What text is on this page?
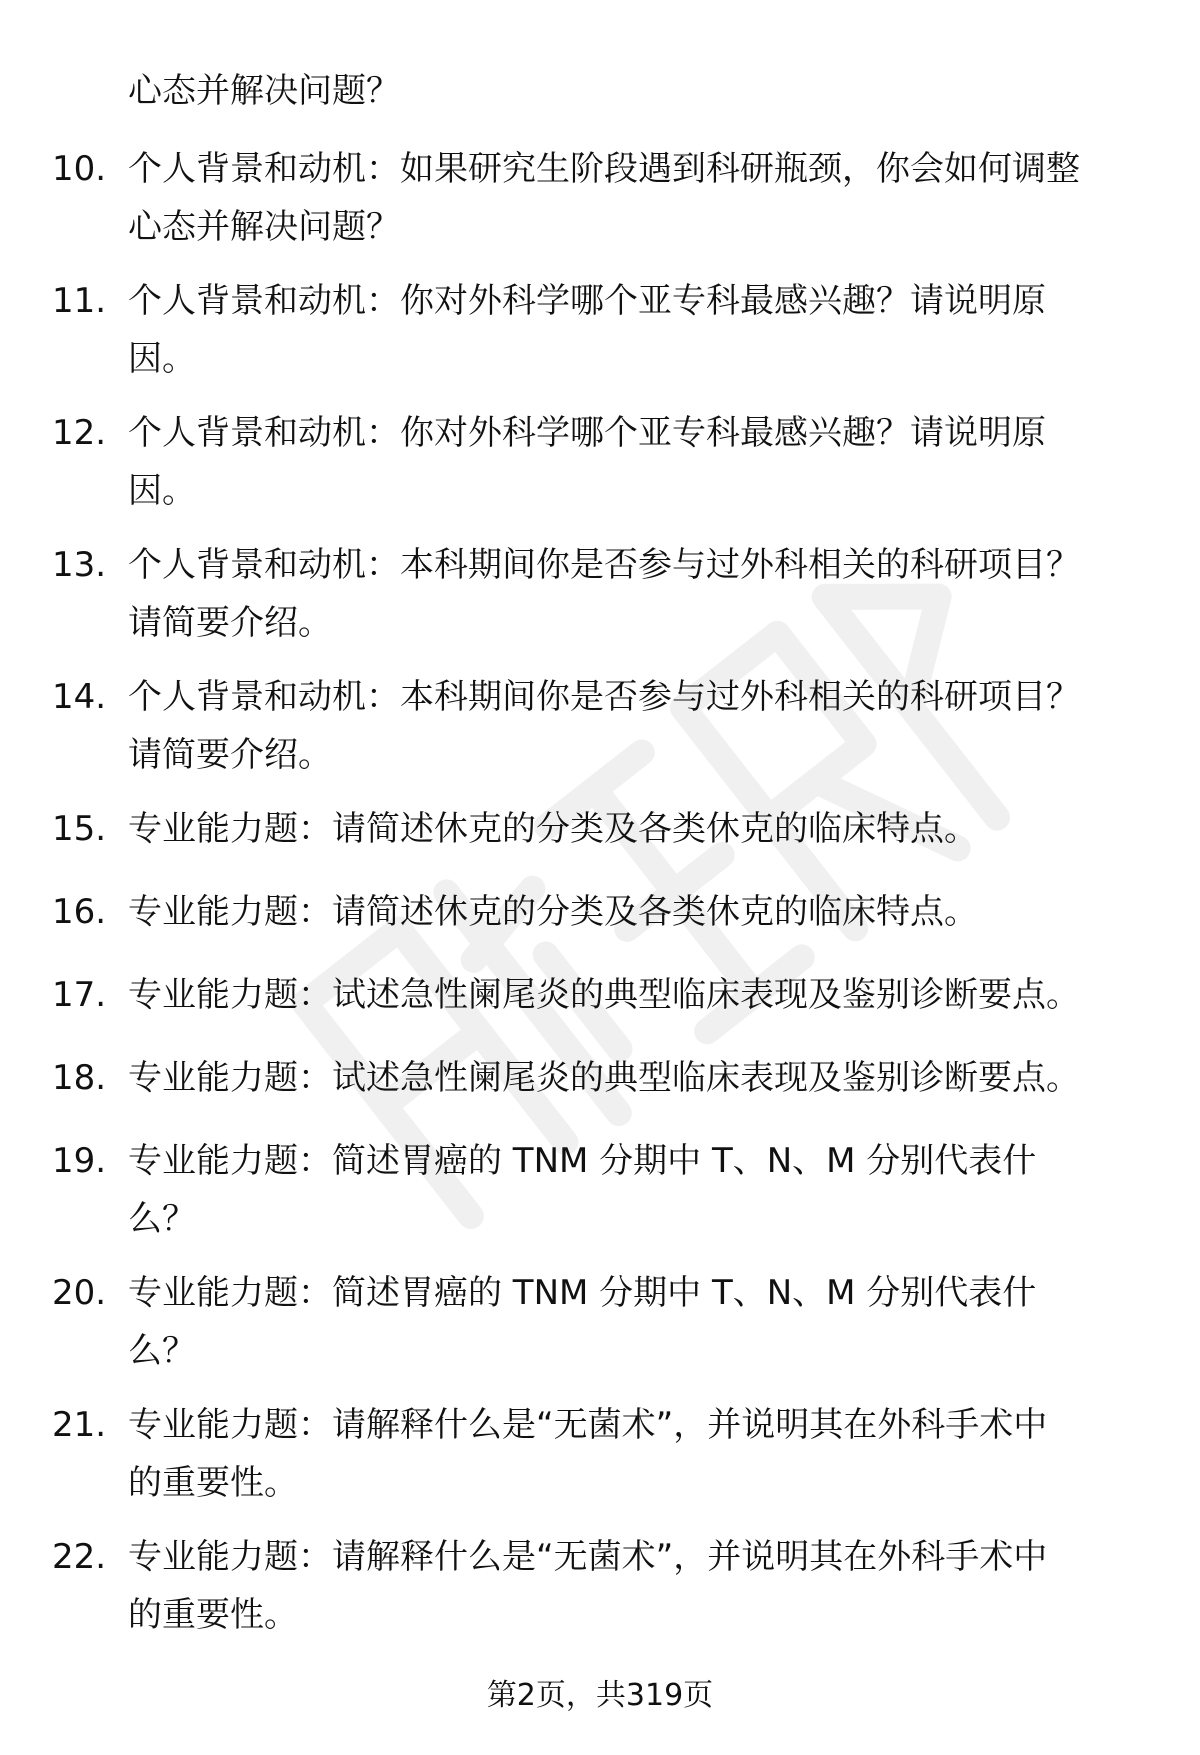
心态并解决问题？
10. 个人背景和动机：如果研究生阶段遇到科研瓶颈，你会如何调整
心态并解决问题？
11. 个人背景和动机：你对外科学哪个亚专科最感兴趣？请说明原
因。
12. 个人背景和动机：你对外科学哪个亚专科最感兴趣？请说明原
因。
13. 个人背景和动机：本科期间你是否参与过外科相关的科研项目？
请简要介绍。
14. 个人背景和动机：本科期间你是否参与过外科相关的科研项目？
请简要介绍。
15. 专业能力题：请简述休克的分类及各类休克的临床特点。
16. 专业能力题：请简述休克的分类及各类休克的临床特点。
17. 专业能力题：试述急性阑尾炎的典型临床表现及鉴别诊断要点。
18. 专业能力题：试述急性阑尾炎的典型临床表现及鉴别诊断要点。
19. 专业能力题：简述胃癌的 TNM 分期中 T、N、M 分别代表什
么？
20. 专业能力题：简述胃癌的 TNM 分期中 T、N、M 分别代表什
么？
21. 专业能力题：请解释什么是“无菌术”，并说明其在外科手术中
的重要性。
22. 专业能力题：请解释什么是“无菌术”，并说明其在外科手术中
的重要性。
第2页，共319页
